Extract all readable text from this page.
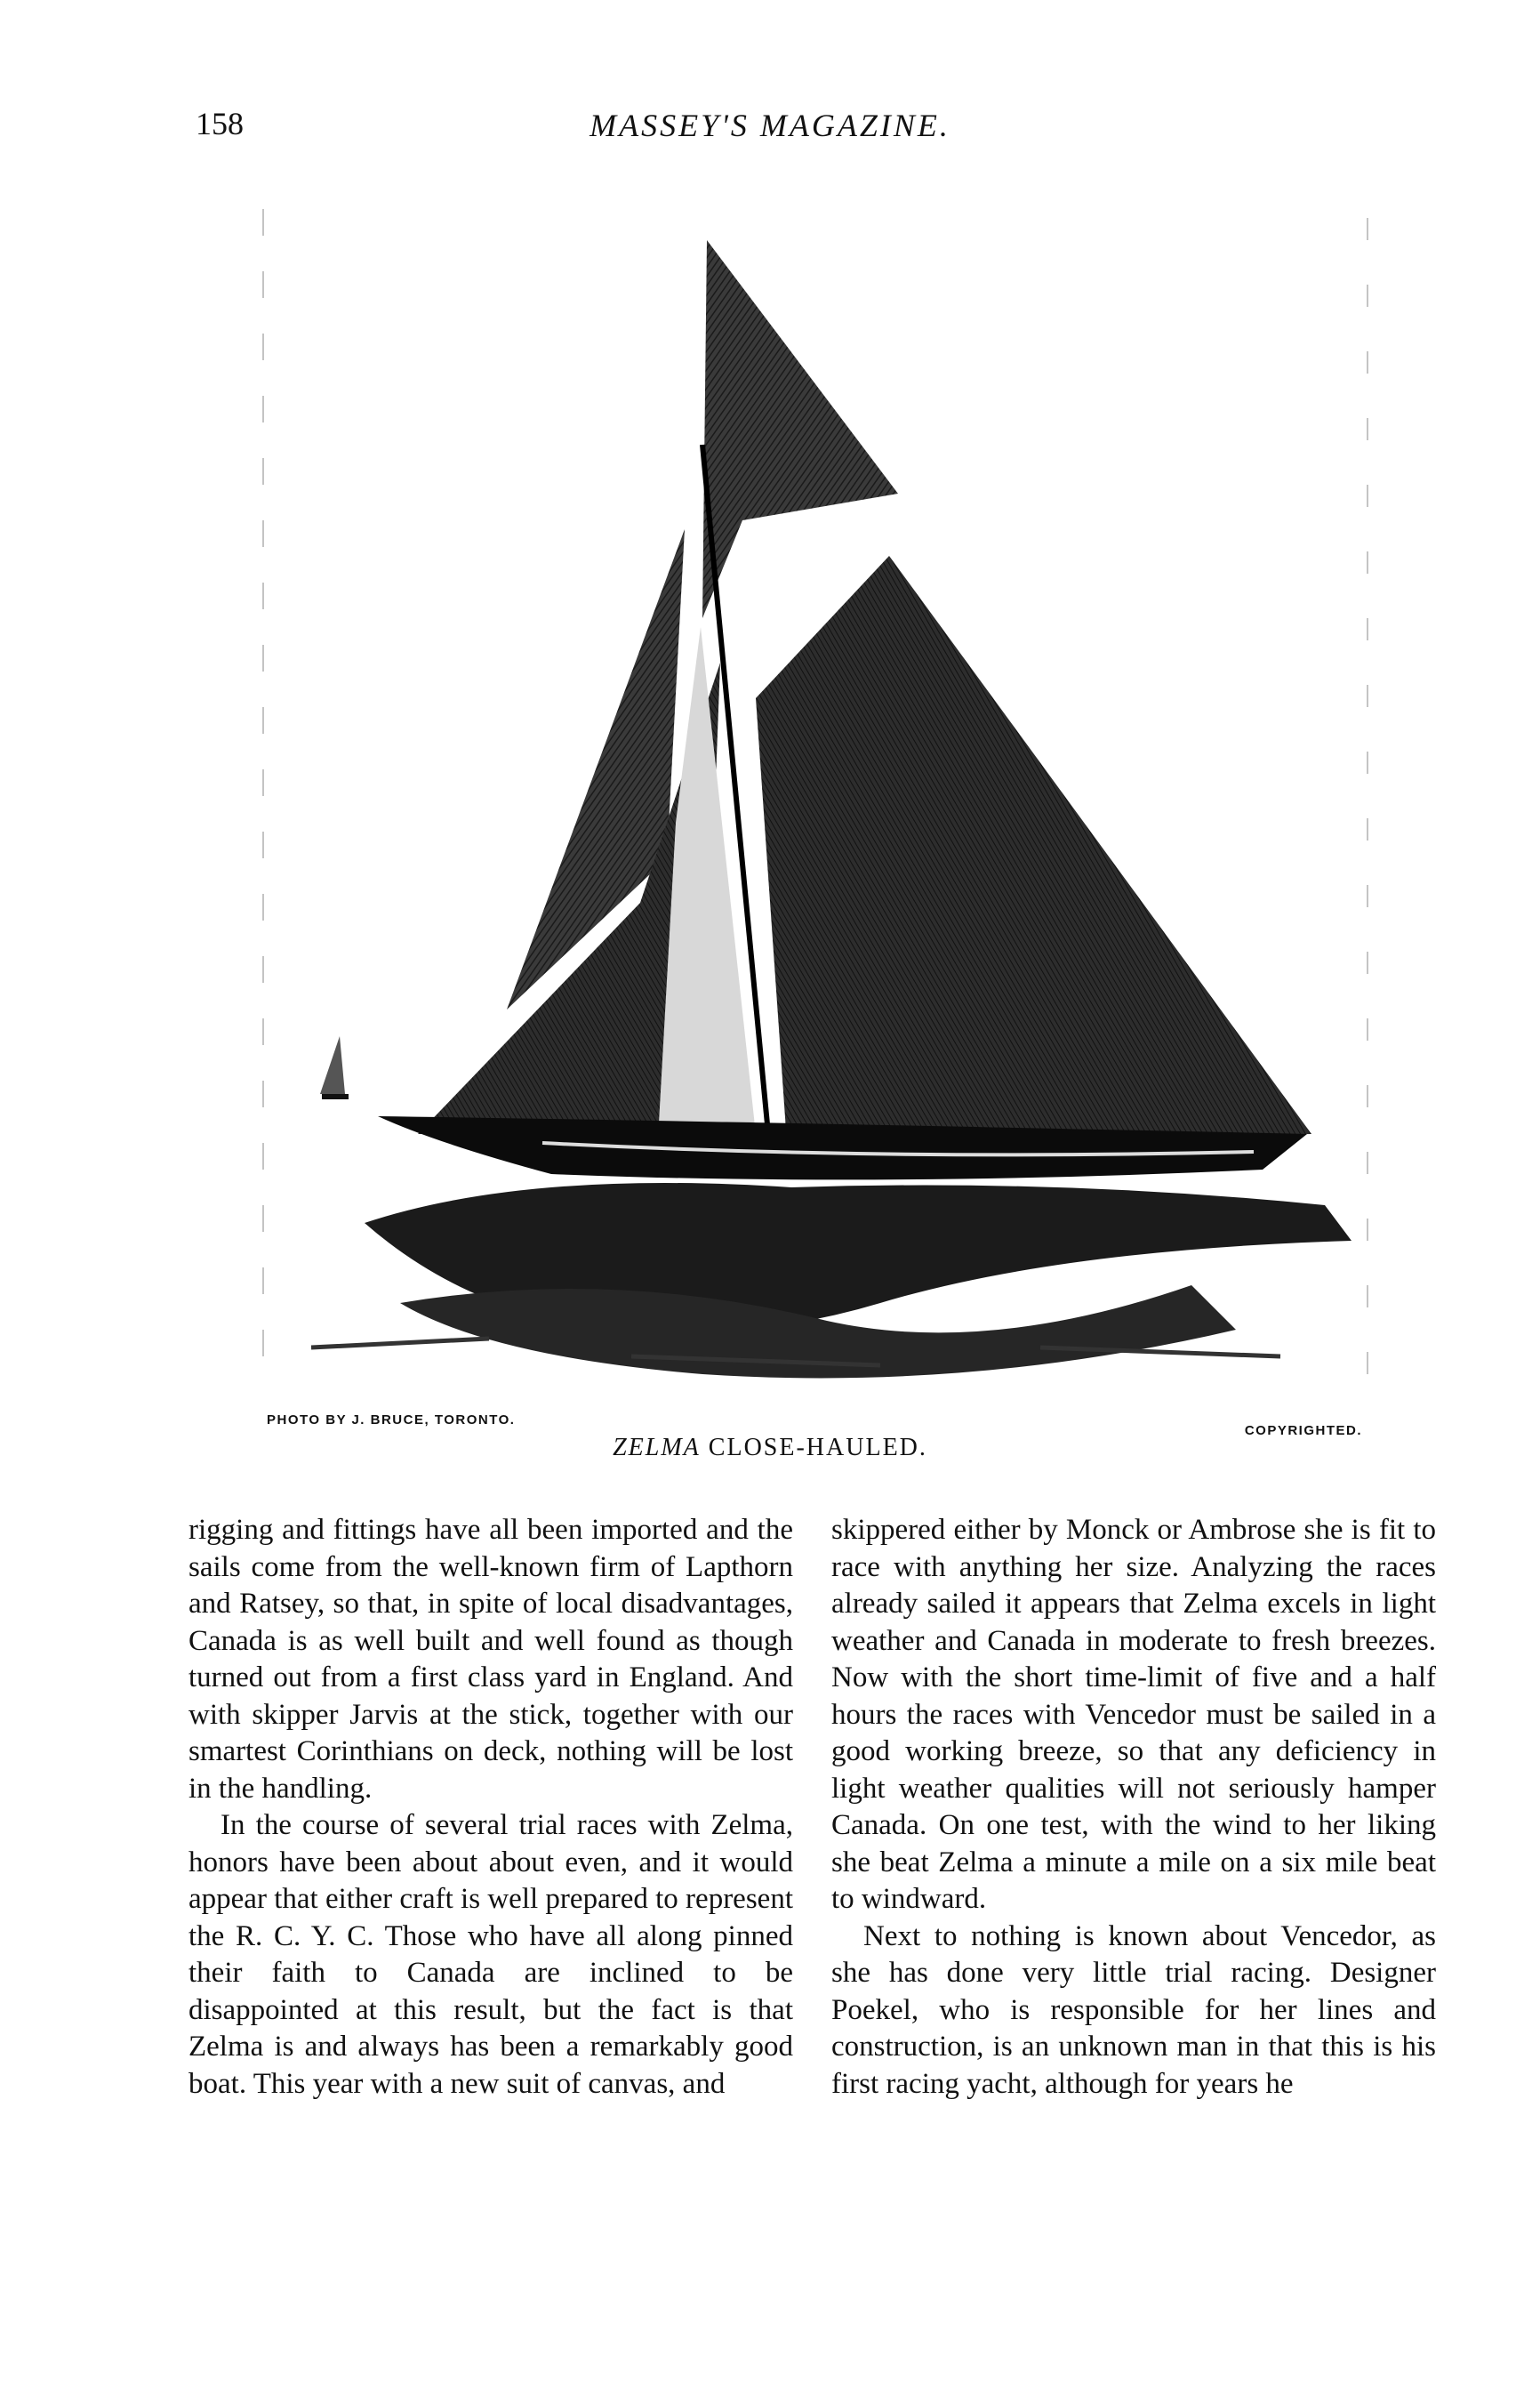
158	MASSEY'S MAGAZINE.
PHOTO BY J. BRUCE, TORONTO.
COPYRIGHTED.
ZELMA CLOSE-HAULED.

rigging and fittings have all been imported and the sails come from the well-known firm of Lapthorn and Ratsey, so that, in spite of local disadvantages, Canada is as well built and well found as though turned out from a first class yard in England. And with skipper Jarvis at the stick, together with our smartest Corinthians on deck, nothing will be lost in the handling.

In the course of several trial races with Zelma, honors have been about about even, and it would appear that either craft is well prepared to represent the R. C. Y. C. Those who have all along pinned their faith to Canada are inclined to be disappointed at this result, but the fact is that Zelma is and always has been a remarkably good boat. This year with a new suit of canvas, and

skippered either by Monck or Ambrose she is fit to race with anything her size. Analyzing the races already sailed it appears that Zelma excels in light weather and Canada in moderate to fresh breezes. Now with the short time-limit of five and a half hours the races with Vencedor must be sailed in a good working breeze, so that any deficiency in light weather qualities will not seriously hamper Canada. On one test, with the wind to her liking she beat Zelma a minute a mile on a six mile beat to windward.

Next to nothing is known about Vencedor, as she has done very little trial racing. Designer Poekel, who is responsible for her lines and construction, is an unknown man in that this is his first racing yacht, although for years he
